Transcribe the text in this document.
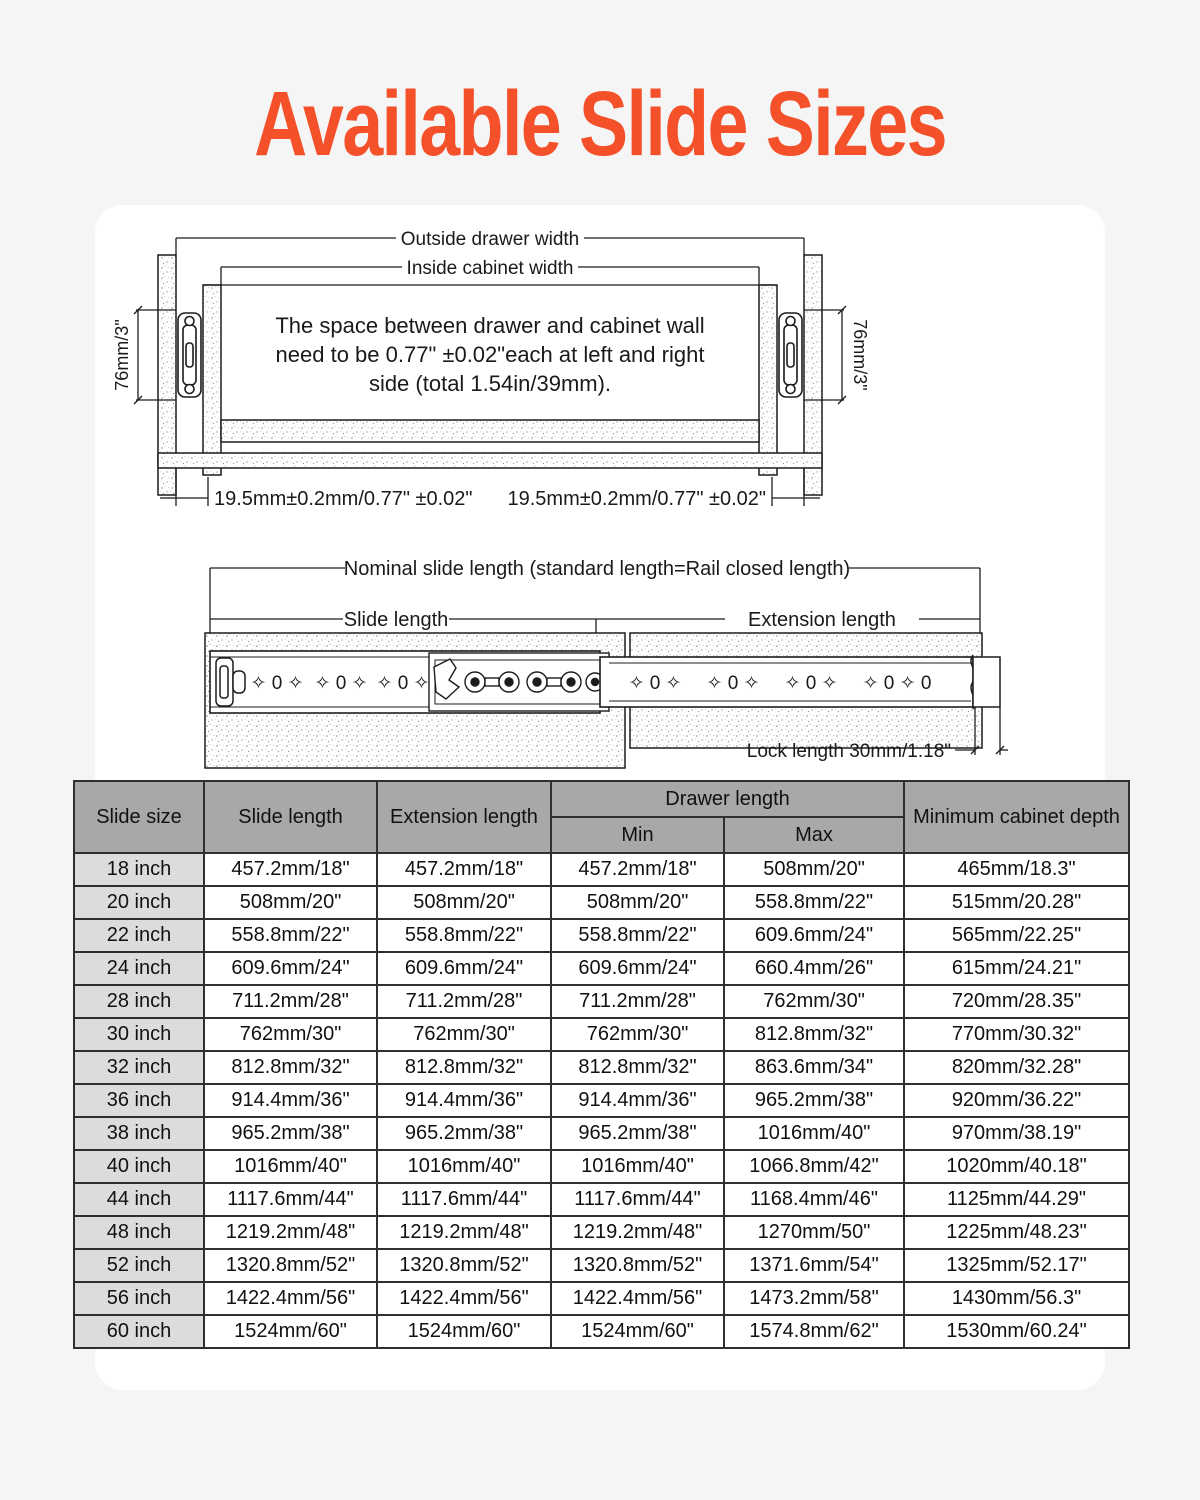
Available Slide Sizes
Outside drawer width
Inside cabinet width
76mm/3"	76mm/3"
The space between drawer and cabinet wall
need to be 0.77" ±0.02"each at left and right
side (total 1.54in/39mm).
19.5mm±0.2mm/0.77" ±0.02" 19.5mm±0.2mm/0.77" ±0.02"
Nominal slide length (standard length=Rail closed length)
Slide length	Extension length
✧ 0 ✧ ✧ 0 ✧ ✧ 0 ✧	✧ 0 ✧ ✧ 0 ✧ ✧ 0 ✧ ✧ 0 ✧ 0
Lock length 30mm/1.18"
Slide size	Slide length	Extension length	Drawer length		Minimum cabinet depth
			Min	Max	
18 inch	457.2mm/18"	457.2mm/18"	457.2mm/18"	508mm/20"	465mm/18.3"
20 inch	508mm/20"	508mm/20"	508mm/20"	558.8mm/22"	515mm/20.28"
22 inch	558.8mm/22"	558.8mm/22"	558.8mm/22"	609.6mm/24"	565mm/22.25"
24 inch	609.6mm/24"	609.6mm/24"	609.6mm/24"	660.4mm/26"	615mm/24.21"
28 inch	711.2mm/28"	711.2mm/28"	711.2mm/28"	762mm/30"	720mm/28.35"
30 inch	762mm/30"	762mm/30"	762mm/30"	812.8mm/32"	770mm/30.32"
32 inch	812.8mm/32"	812.8mm/32"	812.8mm/32"	863.6mm/34"	820mm/32.28"
36 inch	914.4mm/36"	914.4mm/36"	914.4mm/36"	965.2mm/38"	920mm/36.22"
38 inch	965.2mm/38"	965.2mm/38"	965.2mm/38"	1016mm/40"	970mm/38.19"
40 inch	1016mm/40"	1016mm/40"	1016mm/40"	1066.8mm/42"	1020mm/40.18"
44 inch	1117.6mm/44"	1117.6mm/44"	1117.6mm/44"	1168.4mm/46"	1125mm/44.29"
48 inch	1219.2mm/48"	1219.2mm/48"	1219.2mm/48"	1270mm/50"	1225mm/48.23"
52 inch	1320.8mm/52"	1320.8mm/52"	1320.8mm/52"	1371.6mm/54"	1325mm/52.17"
56 inch	1422.4mm/56"	1422.4mm/56"	1422.4mm/56"	1473.2mm/58"	1430mm/56.3"
60 inch	1524mm/60"	1524mm/60"	1524mm/60"	1574.8mm/62"	1530mm/60.24"
